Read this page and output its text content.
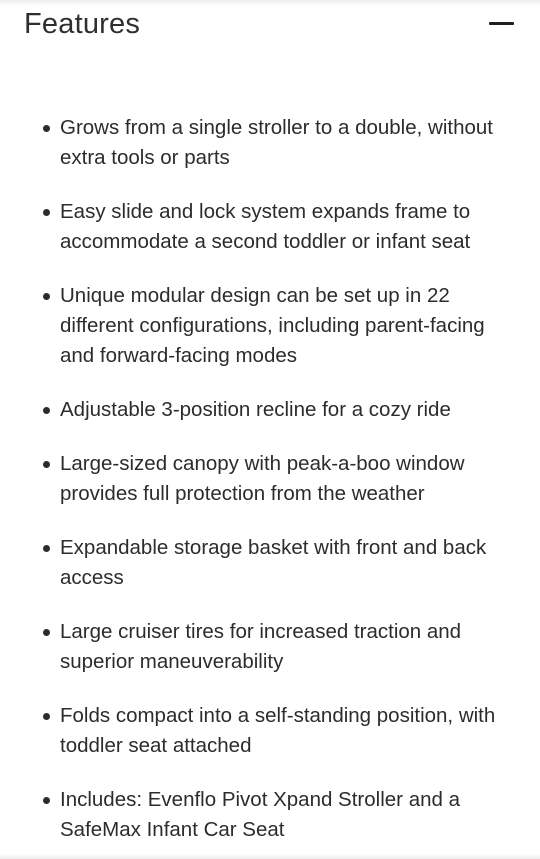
Features
Grows from a single stroller to a double, without extra tools or parts
Easy slide and lock system expands frame to accommodate a second toddler or infant seat
Unique modular design can be set up in 22 different configurations, including parent-facing and forward-facing modes
Adjustable 3-position recline for a cozy ride
Large-sized canopy with peak-a-boo window provides full protection from the weather
Expandable storage basket with front and back access
Large cruiser tires for increased traction and superior maneuverability
Folds compact into a self-standing position, with toddler seat attached
Includes: Evenflo Pivot Xpand Stroller and a SafeMax Infant Car Seat
